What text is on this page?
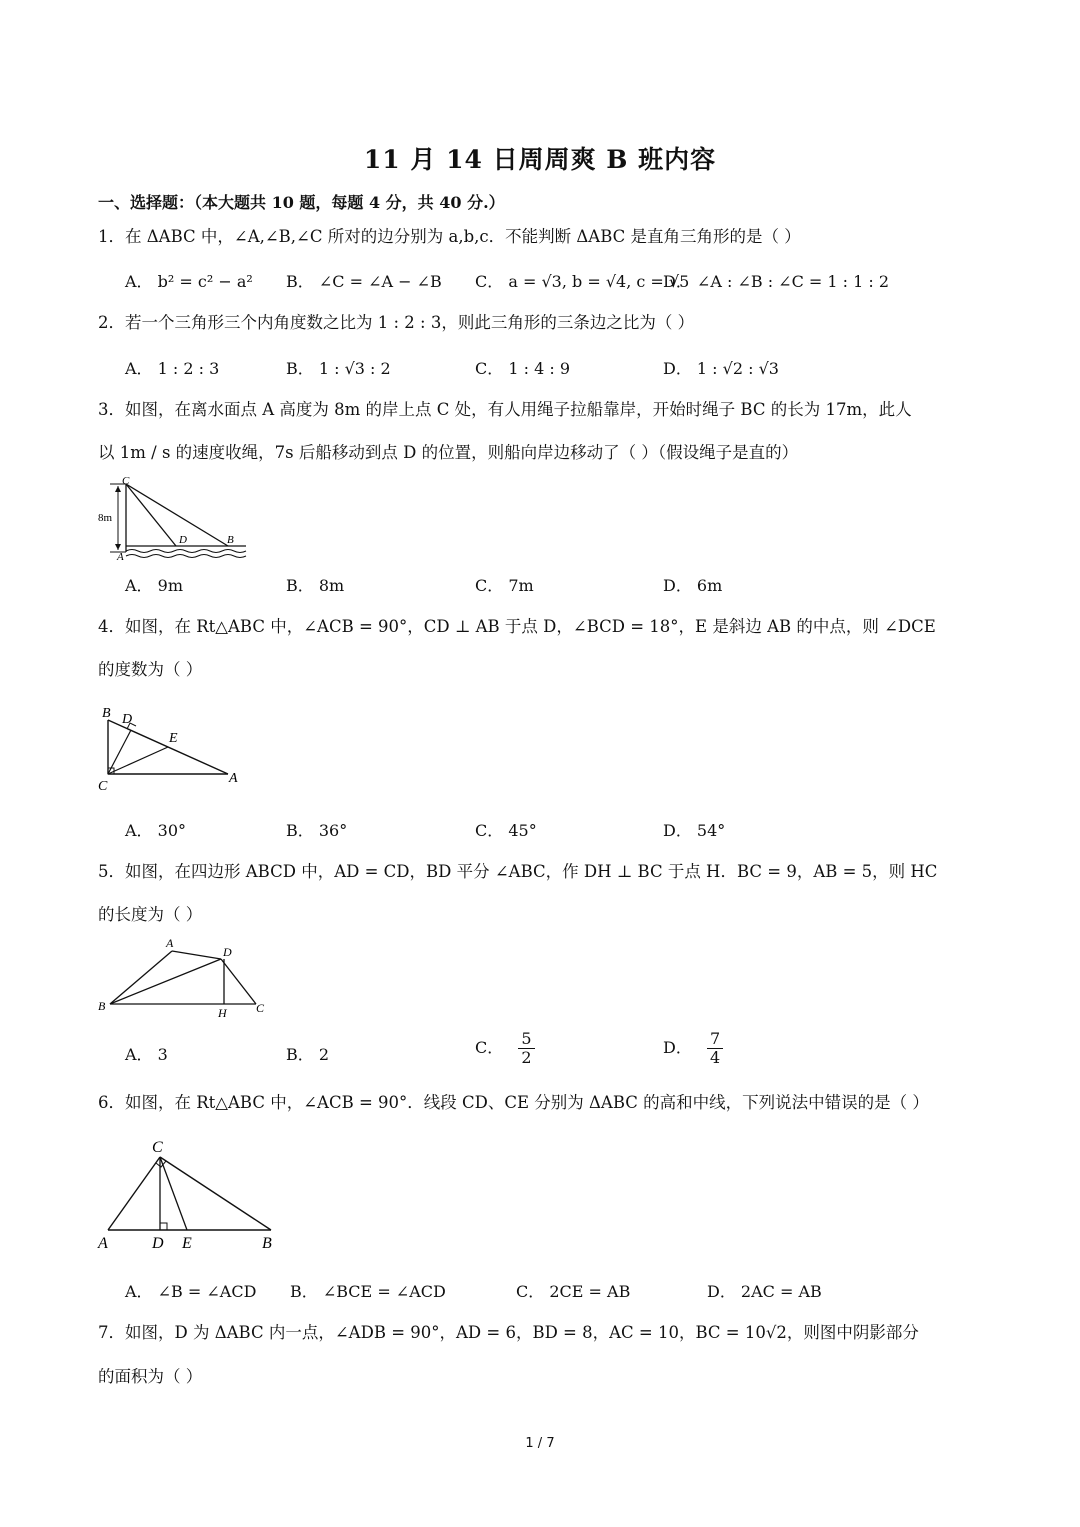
11 月 14 日周周爽 B 班内容
一、选择题：（本大题共 10 题，每题 4 分，共 40 分.）
1．在 ΔABC 中，∠A,∠B,∠C 所对的边分别为 a,b,c．不能判断 ΔABC 是直角三角形的是（ ）
A． b² = c² − a² B． ∠C = ∠A − ∠B C． a = √3, b = √4, c = √5
D． ∠A : ∠B : ∠C = 1 : 1 : 2
2．若一个三角形三个内角度数之比为 1 : 2 : 3，则此三角形的三条边之比为（ ）
A． 1 : 2 : 3	B． 1 : √3 : 2	C． 1 : 4 : 9	D． 1 : √2 : √3
3．如图，在离水面点 A 高度为 8m 的岸上点 C 处，有人用绳子拉船靠岸，开始时绳子 BC 的长为 17m，此人
以 1m / s 的速度收绳，7s 后船移动到点 D 的位置，则船向岸边移动了（ ）（假设绳子是直的）
C
D	B
A
8m
A． 9m	B． 8m	C． 7m	D． 6m
4．如图，在 Rt△ABC 中，∠ACB = 90°，CD ⊥ AB 于点 D，∠BCD = 18°，E 是斜边 AB 的中点，则 ∠DCE
的度数为（ ）
B D
E
C
A
A． 30°	B． 36°	C． 45°	D． 54°
5．如图，在四边形 ABCD 中，AD = CD，BD 平分 ∠ABC，作 DH ⊥ BC 于点 H．BC = 9，AB = 5，则 HC
的长度为（ ）
A
D
B	H C
A． 3	B． 2	C． $\frac{5}{2}$	D． $\frac{7}{4}$
6．如图，在 Rt△ABC 中，∠ACB = 90°．线段 CD、CE 分别为 ΔABC 的高和中线，下列说法中错误的是（ ）
C
A	D E	B
A． ∠B = ∠ACD B． ∠BCE = ∠ACD	C． 2CE = AB	D． 2AC = AB
7．如图，D 为 ΔABC 内一点，∠ADB = 90°，AD = 6，BD = 8，AC = 10，BC = 10√2，则图中阴影部分
的面积为（ ）
1 / 7
